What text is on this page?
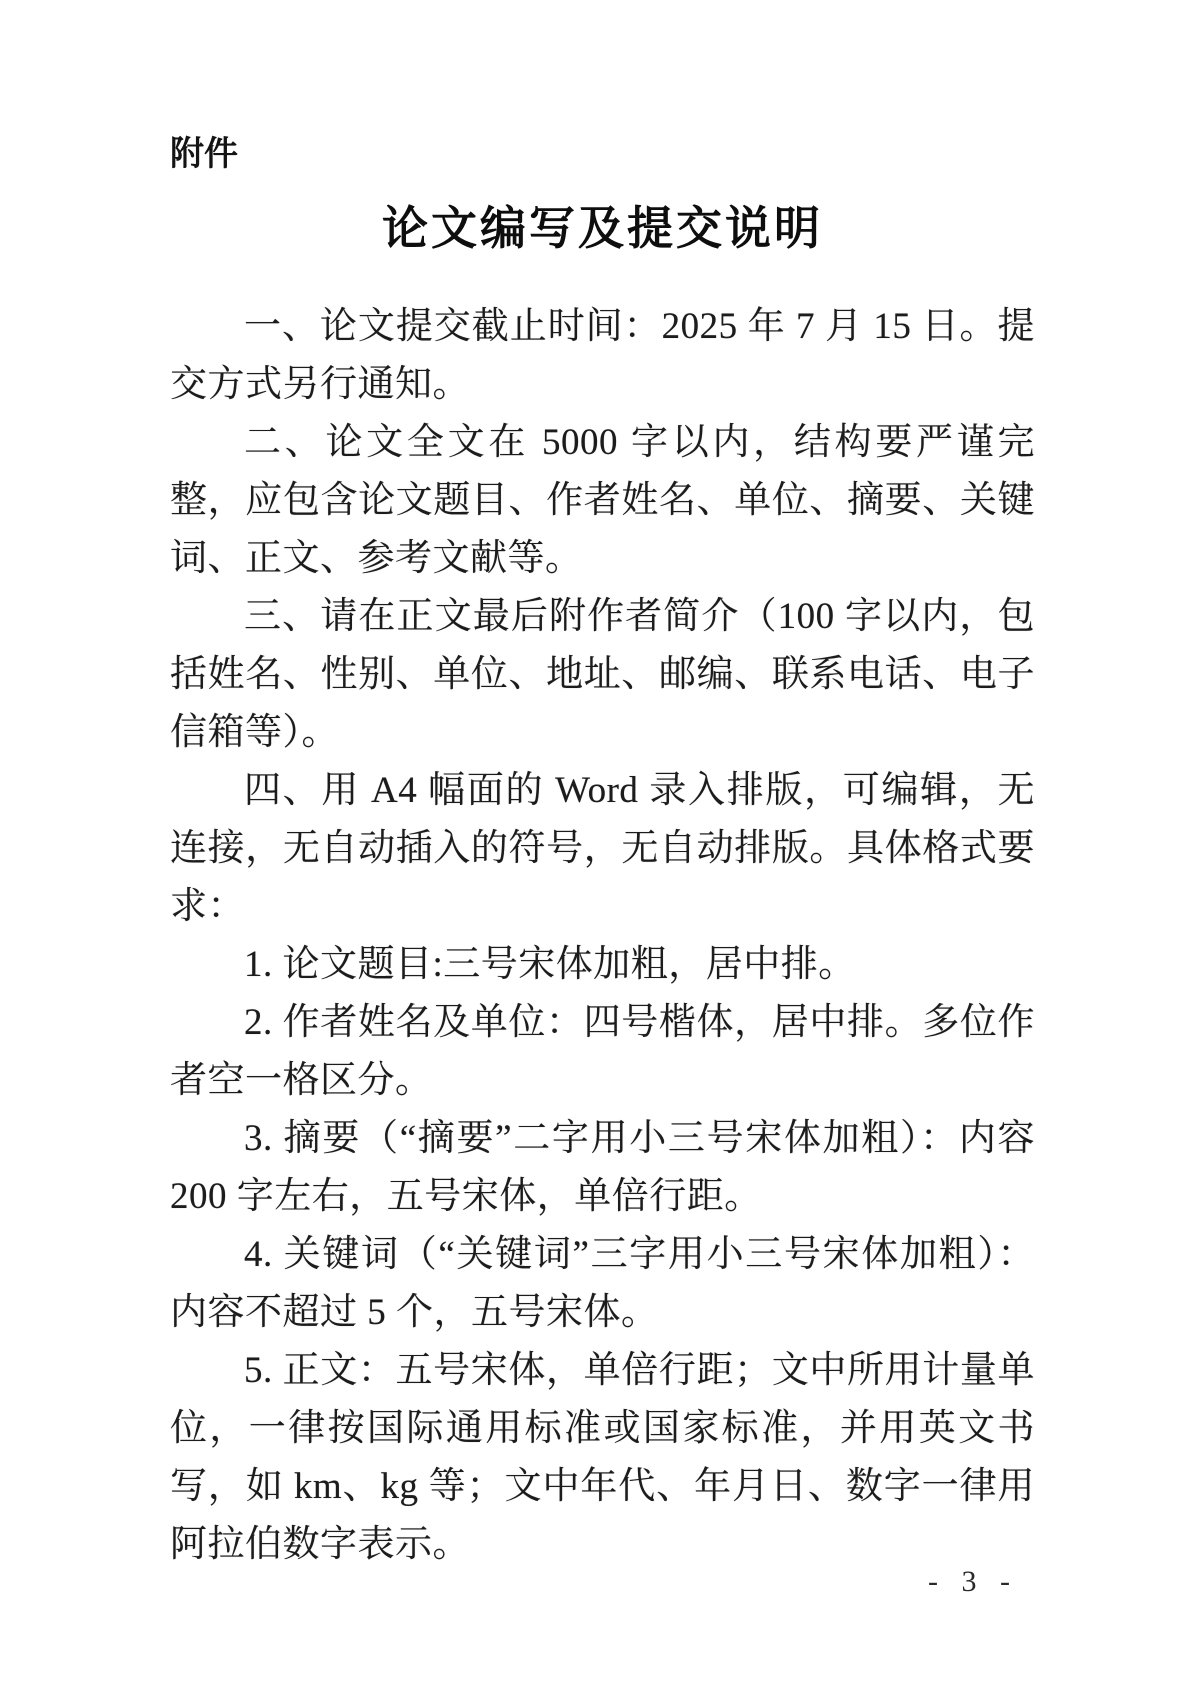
附件
论文编写及提交说明

一、论文提交截止时间：2025 年 7 月 15 日。提交方式另行通知。

二、论文全文在 5000 字以内，结构要严谨完整，应包含论文题目、作者姓名、单位、摘要、关键词、正文、参考文献等。

三、请在正文最后附作者简介（100 字以内，包括姓名、性别、单位、地址、邮编、联系电话、电子信箱等）。

四、用 A4 幅面的 Word 录入排版，可编辑，无连接，无自动插入的符号，无自动排版。具体格式要求：

1. 论文题目:三号宋体加粗，居中排。

2. 作者姓名及单位：四号楷体，居中排。多位作者空一格区分。

3. 摘要（“摘要”二字用小三号宋体加粗）：内容 200 字左右，五号宋体，单倍行距。

4. 关键词（“关键词”三字用小三号宋体加粗）：内容不超过 5 个，五号宋体。

5. 正文：五号宋体，单倍行距；文中所用计量单位，一律按国际通用标准或国家标准，并用英文书写，如 km、kg 等；文中年代、年月日、数字一律用阿拉伯数字表示。

- 3 -
